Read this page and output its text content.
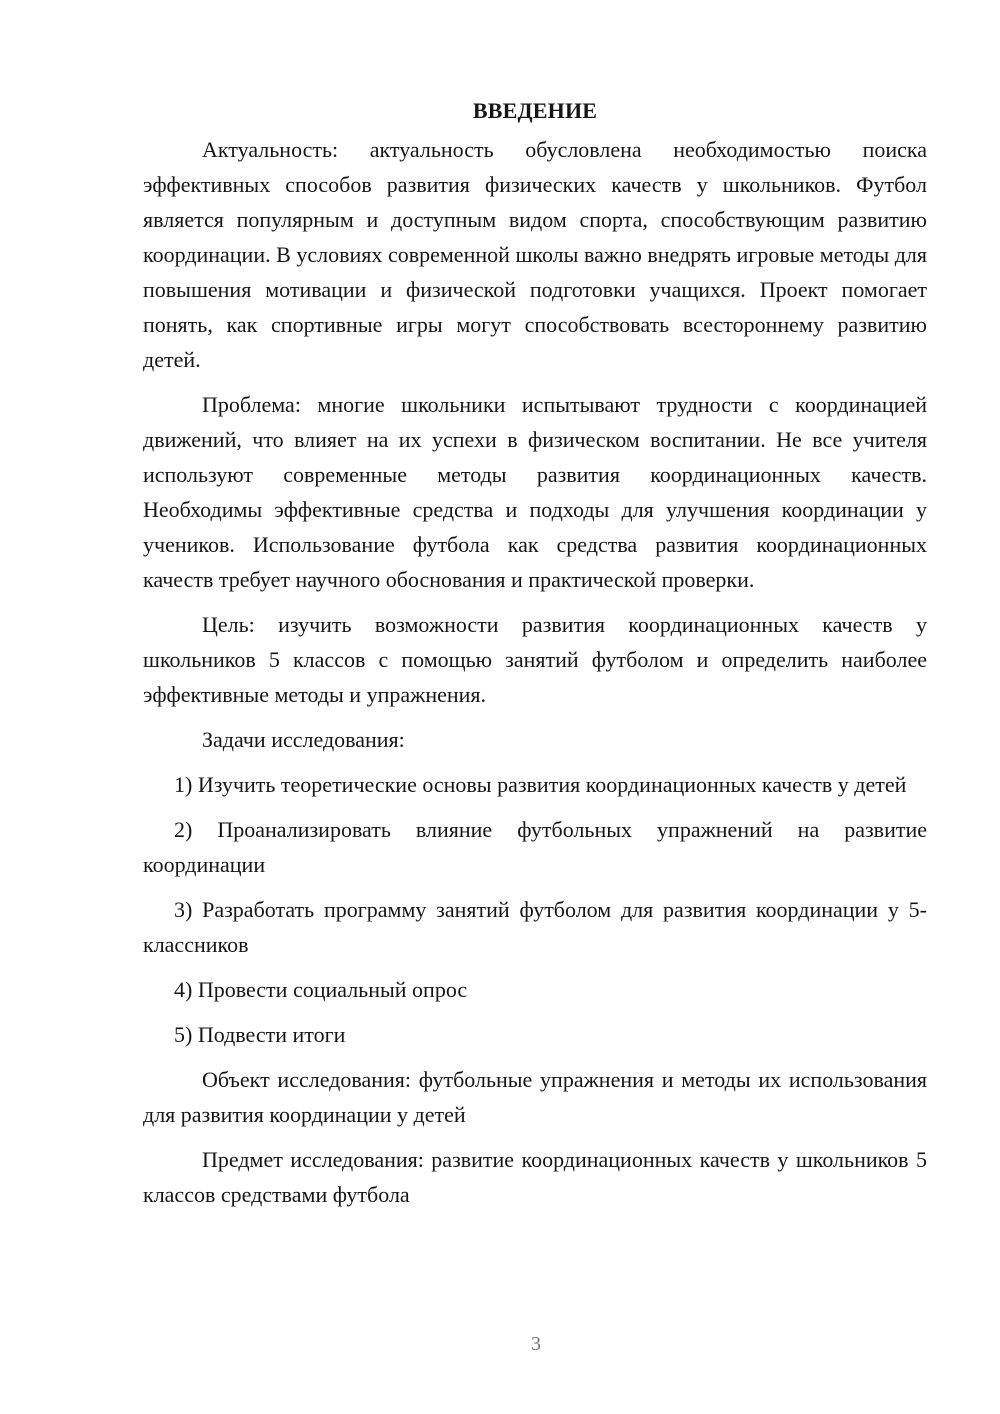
ВВЕДЕНИЕ

Актуальность: актуальность обусловлена необходимостью поиска эффективных способов развития физических качеств у школьников. Футбол является популярным и доступным видом спорта, способствующим развитию координации. В условиях современной школы важно внедрять игровые методы для повышения мотивации и физической подготовки учащихся. Проект помогает понять, как спортивные игры могут способствовать всестороннему развитию детей.

Проблема: многие школьники испытывают трудности с координацией движений, что влияет на их успехи в физическом воспитании. Не все учителя используют современные методы развития координационных качеств. Необходимы эффективные средства и подходы для улучшения координации у учеников. Использование футбола как средства развития координационных качеств требует научного обоснования и практической проверки.

Цель: изучить возможности развития координационных качеств у школьников 5 классов с помощью занятий футболом и определить наиболее эффективные методы и упражнения.

Задачи исследования:

1) Изучить теоретические основы развития координационных качеств у детей

2) Проанализировать влияние футбольных упражнений на развитие координации

3) Разработать программу занятий футболом для развития координации у 5-классников

4) Провести социальный опрос

5) Подвести итоги

Объект исследования: футбольные упражнения и методы их использования для развития координации у детей

Предмет исследования: развитие координационных качеств у школьников 5 классов средствами футбола

3
